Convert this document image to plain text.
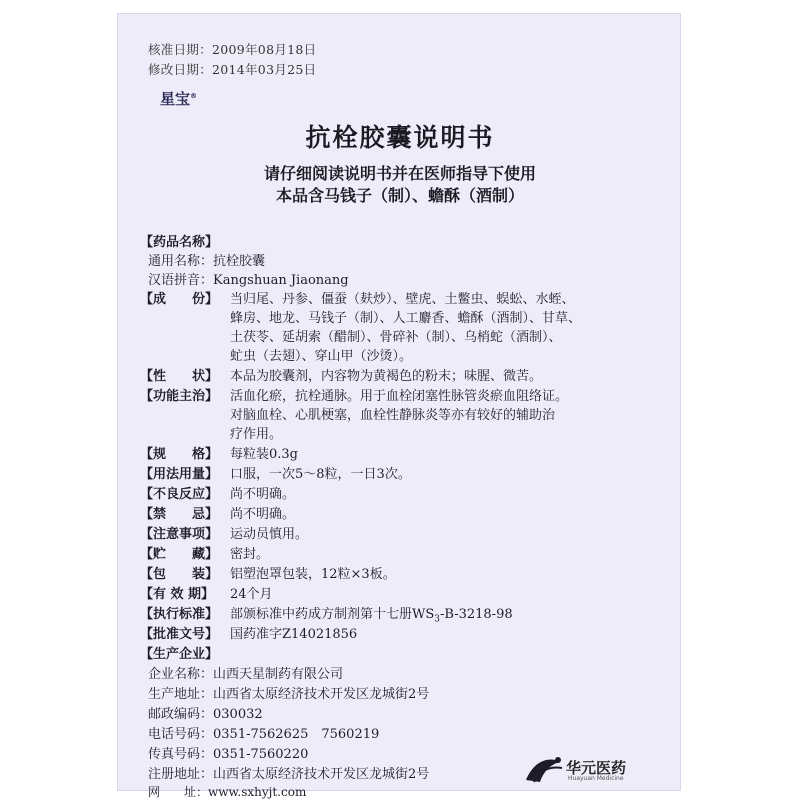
核准日期：2009年08月18日
修改日期：2014年03月25日
星宝®
抗栓胶囊说明书
请仔细阅读说明书并在医师指导下使用
本品含马钱子（制）、蟾酥（酒制）
【药品名称】
通用名称：抗栓胶囊
汉语拼音：Kangshuan Jiaonang
【成　　份】 当归尾、丹参、僵蚕（麸炒）、壁虎、土鳖虫、蜈蚣、水蛭、
蜂房、地龙、马钱子（制）、人工麝香、蟾酥（酒制）、甘草、
土茯苓、延胡索（醋制）、骨碎补（制）、乌梢蛇（酒制）、
虻虫（去翅）、穿山甲（沙烫）。
【性　　状】 本品为胶囊剂，内容物为黄褐色的粉末；味腥、微苦。
【功能主治】 活血化瘀，抗栓通脉。用于血栓闭塞性脉管炎瘀血阻络证。
对脑血栓、心肌梗塞，血栓性静脉炎等亦有较好的辅助治
疗作用。
【规　　格】 每粒装0.3g
【用法用量】 口服，一次5～8粒，一日3次。
【不良反应】 尚不明确。
【禁　　忌】 尚不明确。
【注意事项】 运动员慎用。
【贮　　藏】 密封。
【包　　装】 铝塑泡罩包装，12粒×3板。
【有 效 期】 24个月
【执行标准】 部颁标准中药成方制剂第十七册$WS_3-B-3218-98$
【批准文号】 国药准字Z14021856
【生产企业】
企业名称：山西天星制药有限公司
生产地址：山西省太原经济技术开发区龙城街2号
邮政编码：030032
电话号码：0351-7562625　7560219
传真号码：0351-7560220
注册地址：山西省太原经济技术开发区龙城街2号
网　　址：www.sxhyjt.com
华元医药
Huayuan Medicine
